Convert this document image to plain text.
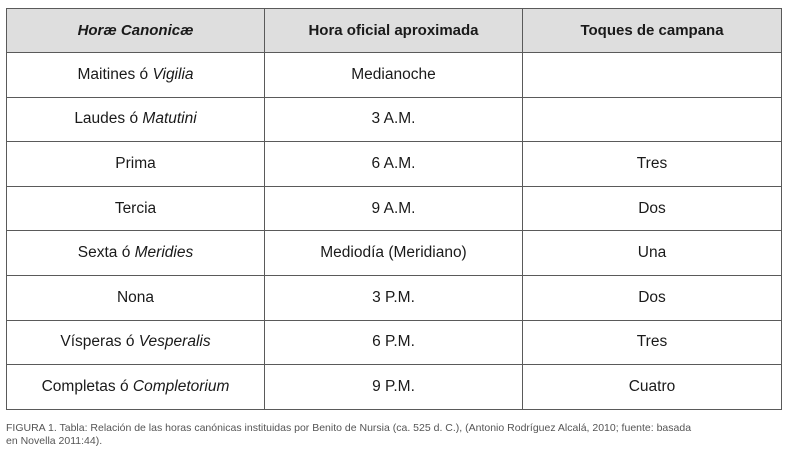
Horæ Canonicæ	Hora oficial aproximada	Toques de campana
Maitines ó Vigilia	Medianoche	
Laudes ó Matutini	3 A.M.	
Prima	6 A.M.	Tres
Tercia	9 A.M.	Dos
Sexta ó Meridies	Mediodía (Meridiano)	Una
Nona	3 P.M.	Dos
Vísperas ó Vesperalis	6 P.M.	Tres
Completas ó Completorium	9 P.M.	Cuatro
FIGURA 1. Tabla: Relación de las horas canónicas instituidas por Benito de Nursia (ca. 525 d. C.), (Antonio Rodríguez Alcalá, 2010; fuente: basada
en Novella 2011:44).
